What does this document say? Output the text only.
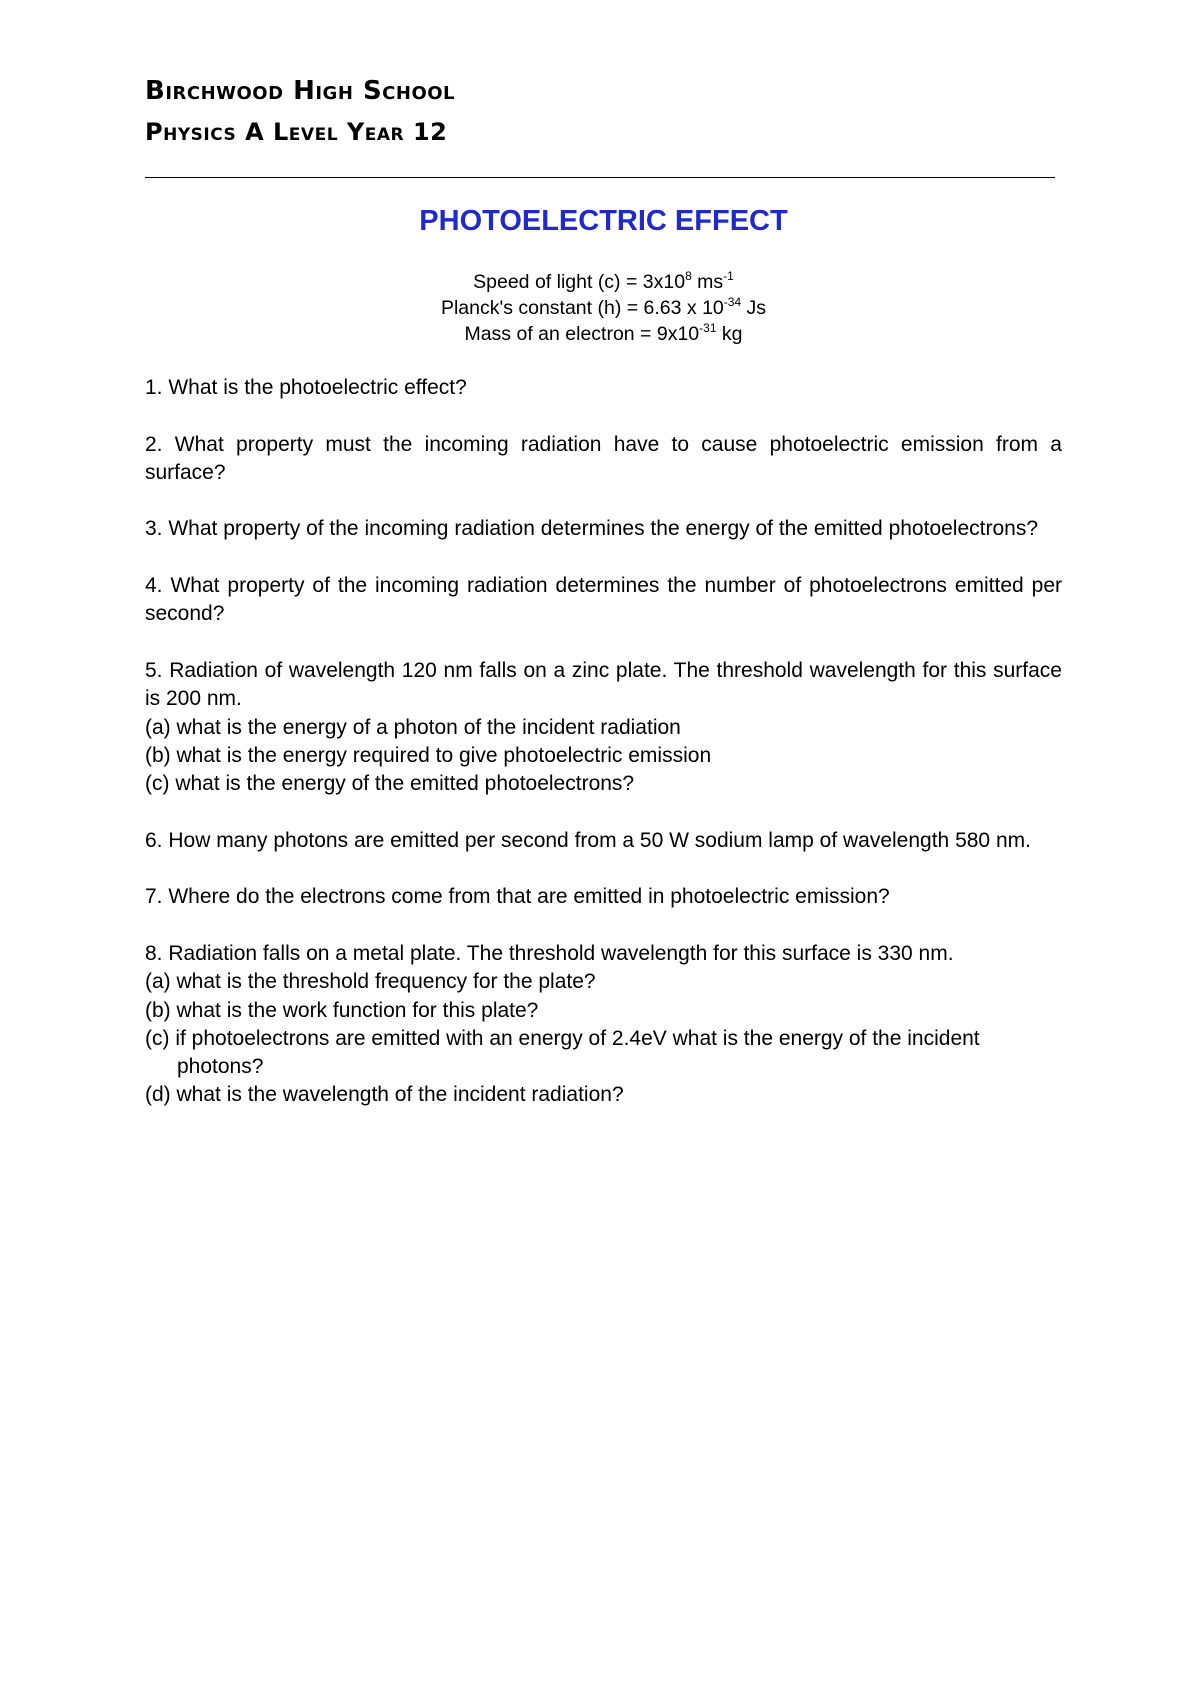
Birchwood High School
Physics A Level Year 12
PHOTOELECTRIC EFFECT
Speed of light $(c) = 3x10^8$ $ms^{-1}$
Planck's constant (h) = 6.63 x $10^{-34}$ Js
Mass of an electron = $9x10^{-31}$ kg

1. What is the photoelectric effect?

2. What property must the incoming radiation have to cause photoelectric emission from a surface?

3. What property of the incoming radiation determines the energy of the emitted photoelectrons?

4. What property of the incoming radiation determines the number of photoelectrons emitted per second?

5. Radiation of wavelength 120 nm falls on a zinc plate. The threshold wavelength for this surface is 200 nm.

(a) what is the energy of a photon of the incident radiation

(b) what is the energy required to give photoelectric emission

(c) what is the energy of the emitted photoelectrons?

6. How many photons are emitted per second from a 50 W sodium lamp of wavelength 580 nm.

7. Where do the electrons come from that are emitted in photoelectric emission?

8. Radiation falls on a metal plate. The threshold wavelength for this surface is 330 nm.

(a) what is the threshold frequency for the plate?

(b) what is the work function for this plate?

(c) if photoelectrons are emitted with an energy of 2.4eV what is the energy of the incident

photons?

(d) what is the wavelength of the incident radiation?
